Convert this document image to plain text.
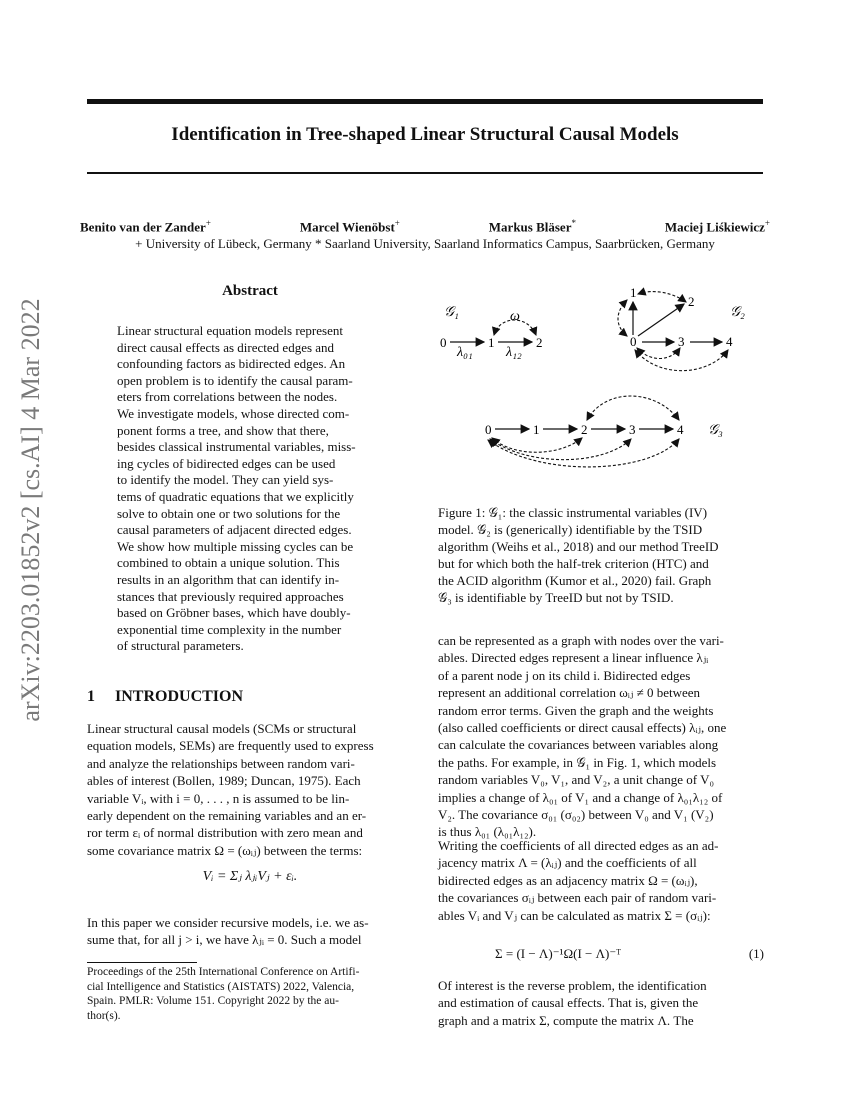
Identification in Tree-shaped Linear Structural Causal Models
Benito van der Zander+	Marcel Wienöbst+	Markus Bläser*	Maciej Liśkiewicz+
+ University of Lübeck, Germany * Saarland University, Saarland Informatics Campus, Saarbrücken, Germany
arXiv:2203.01852v2 [cs.AI] 4 Mar 2022
Abstract
Linear structural equation models represent
direct causal effects as directed edges and
confounding factors as bidirected edges. An
open problem is to identify the causal param-
eters from correlations between the nodes.
We investigate models, whose directed com-
ponent forms a tree, and show that there,
besides classical instrumental variables, miss-
ing cycles of bidirected edges can be used
to identify the model. They can yield sys-
tems of quadratic equations that we explicitly
solve to obtain one or two solutions for the
causal parameters of adjacent directed edges.
We show how multiple missing cycles can be
combined to obtain a unique solution. This
results in an algorithm that can identify in-
stances that previously required approaches
based on Gröbner bases, which have doubly-
exponential time complexity in the number
of structural parameters.
1 INTRODUCTION
Linear structural causal models (SCMs or structural
equation models, SEMs) are frequently used to express
and analyze the relationships between random vari-
ables of interest (Bollen, 1989; Duncan, 1975). Each
variable Vᵢ, with i = 0, . . . , n is assumed to be lin-
early dependent on the remaining variables and an er-
ror term εᵢ of normal distribution with zero mean and
some covariance matrix Ω = (ωᵢⱼ) between the terms:
Vᵢ = Σⱼ λⱼᵢVⱼ + εᵢ.
In this paper we consider recursive models, i.e. we as-
sume that, for all j > i, we have λⱼᵢ = 0. Such a model
Proceedings of the 25th International Conference on Artifi-
cial Intelligence and Statistics (AISTATS) 2022, Valencia,
Spain. PMLR: Volume 151. Copyright 2022 by the au-
thor(s).
𝒢₁
0	1	2
ω
λ₀₁ λ₁₂
1
2
0	3	4
𝒢₂
0	1	2	3	4 𝒢₃
Figure 1: 𝒢₁: the classic instrumental variables (IV)
model. 𝒢₂ is (generically) identifiable by the TSID
algorithm (Weihs et al., 2018) and our method TreeID
but for which both the half-trek criterion (HTC) and
the ACID algorithm (Kumor et al., 2020) fail. Graph
𝒢₃ is identifiable by TreeID but not by TSID.
can be represented as a graph with nodes over the vari-
ables. Directed edges represent a linear influence λⱼᵢ
of a parent node j on its child i. Bidirected edges
represent an additional correlation ωᵢⱼ ≠ 0 between
random error terms. Given the graph and the weights
(also called coefficients or direct causal effects) λᵢⱼ, one
can calculate the covariances between variables along
the paths. For example, in 𝒢₁ in Fig. 1, which models
random variables V₀, V₁, and V₂, a unit change of V₀
implies a change of λ₀₁ of V₁ and a change of λ₀₁λ₁₂ of
V₂. The covariance σ₀₁ (σ₀₂) between V₀ and V₁ (V₂)
is thus λ₀₁ (λ₀₁λ₁₂).
Writing the coefficients of all directed edges as an ad-
jacency matrix Λ = (λᵢⱼ) and the coefficients of all
bidirected edges as an adjacency matrix Ω = (ωᵢⱼ),
the covariances σᵢⱼ between each pair of random vari-
ables Vᵢ and Vⱼ can be calculated as matrix Σ = (σᵢⱼ):
Σ = (I − Λ)⁻¹Ω(I − Λ)⁻ᵀ	(1)
Of interest is the reverse problem, the identification
and estimation of causal effects. That is, given the
graph and a matrix Σ, compute the matrix Λ. The
